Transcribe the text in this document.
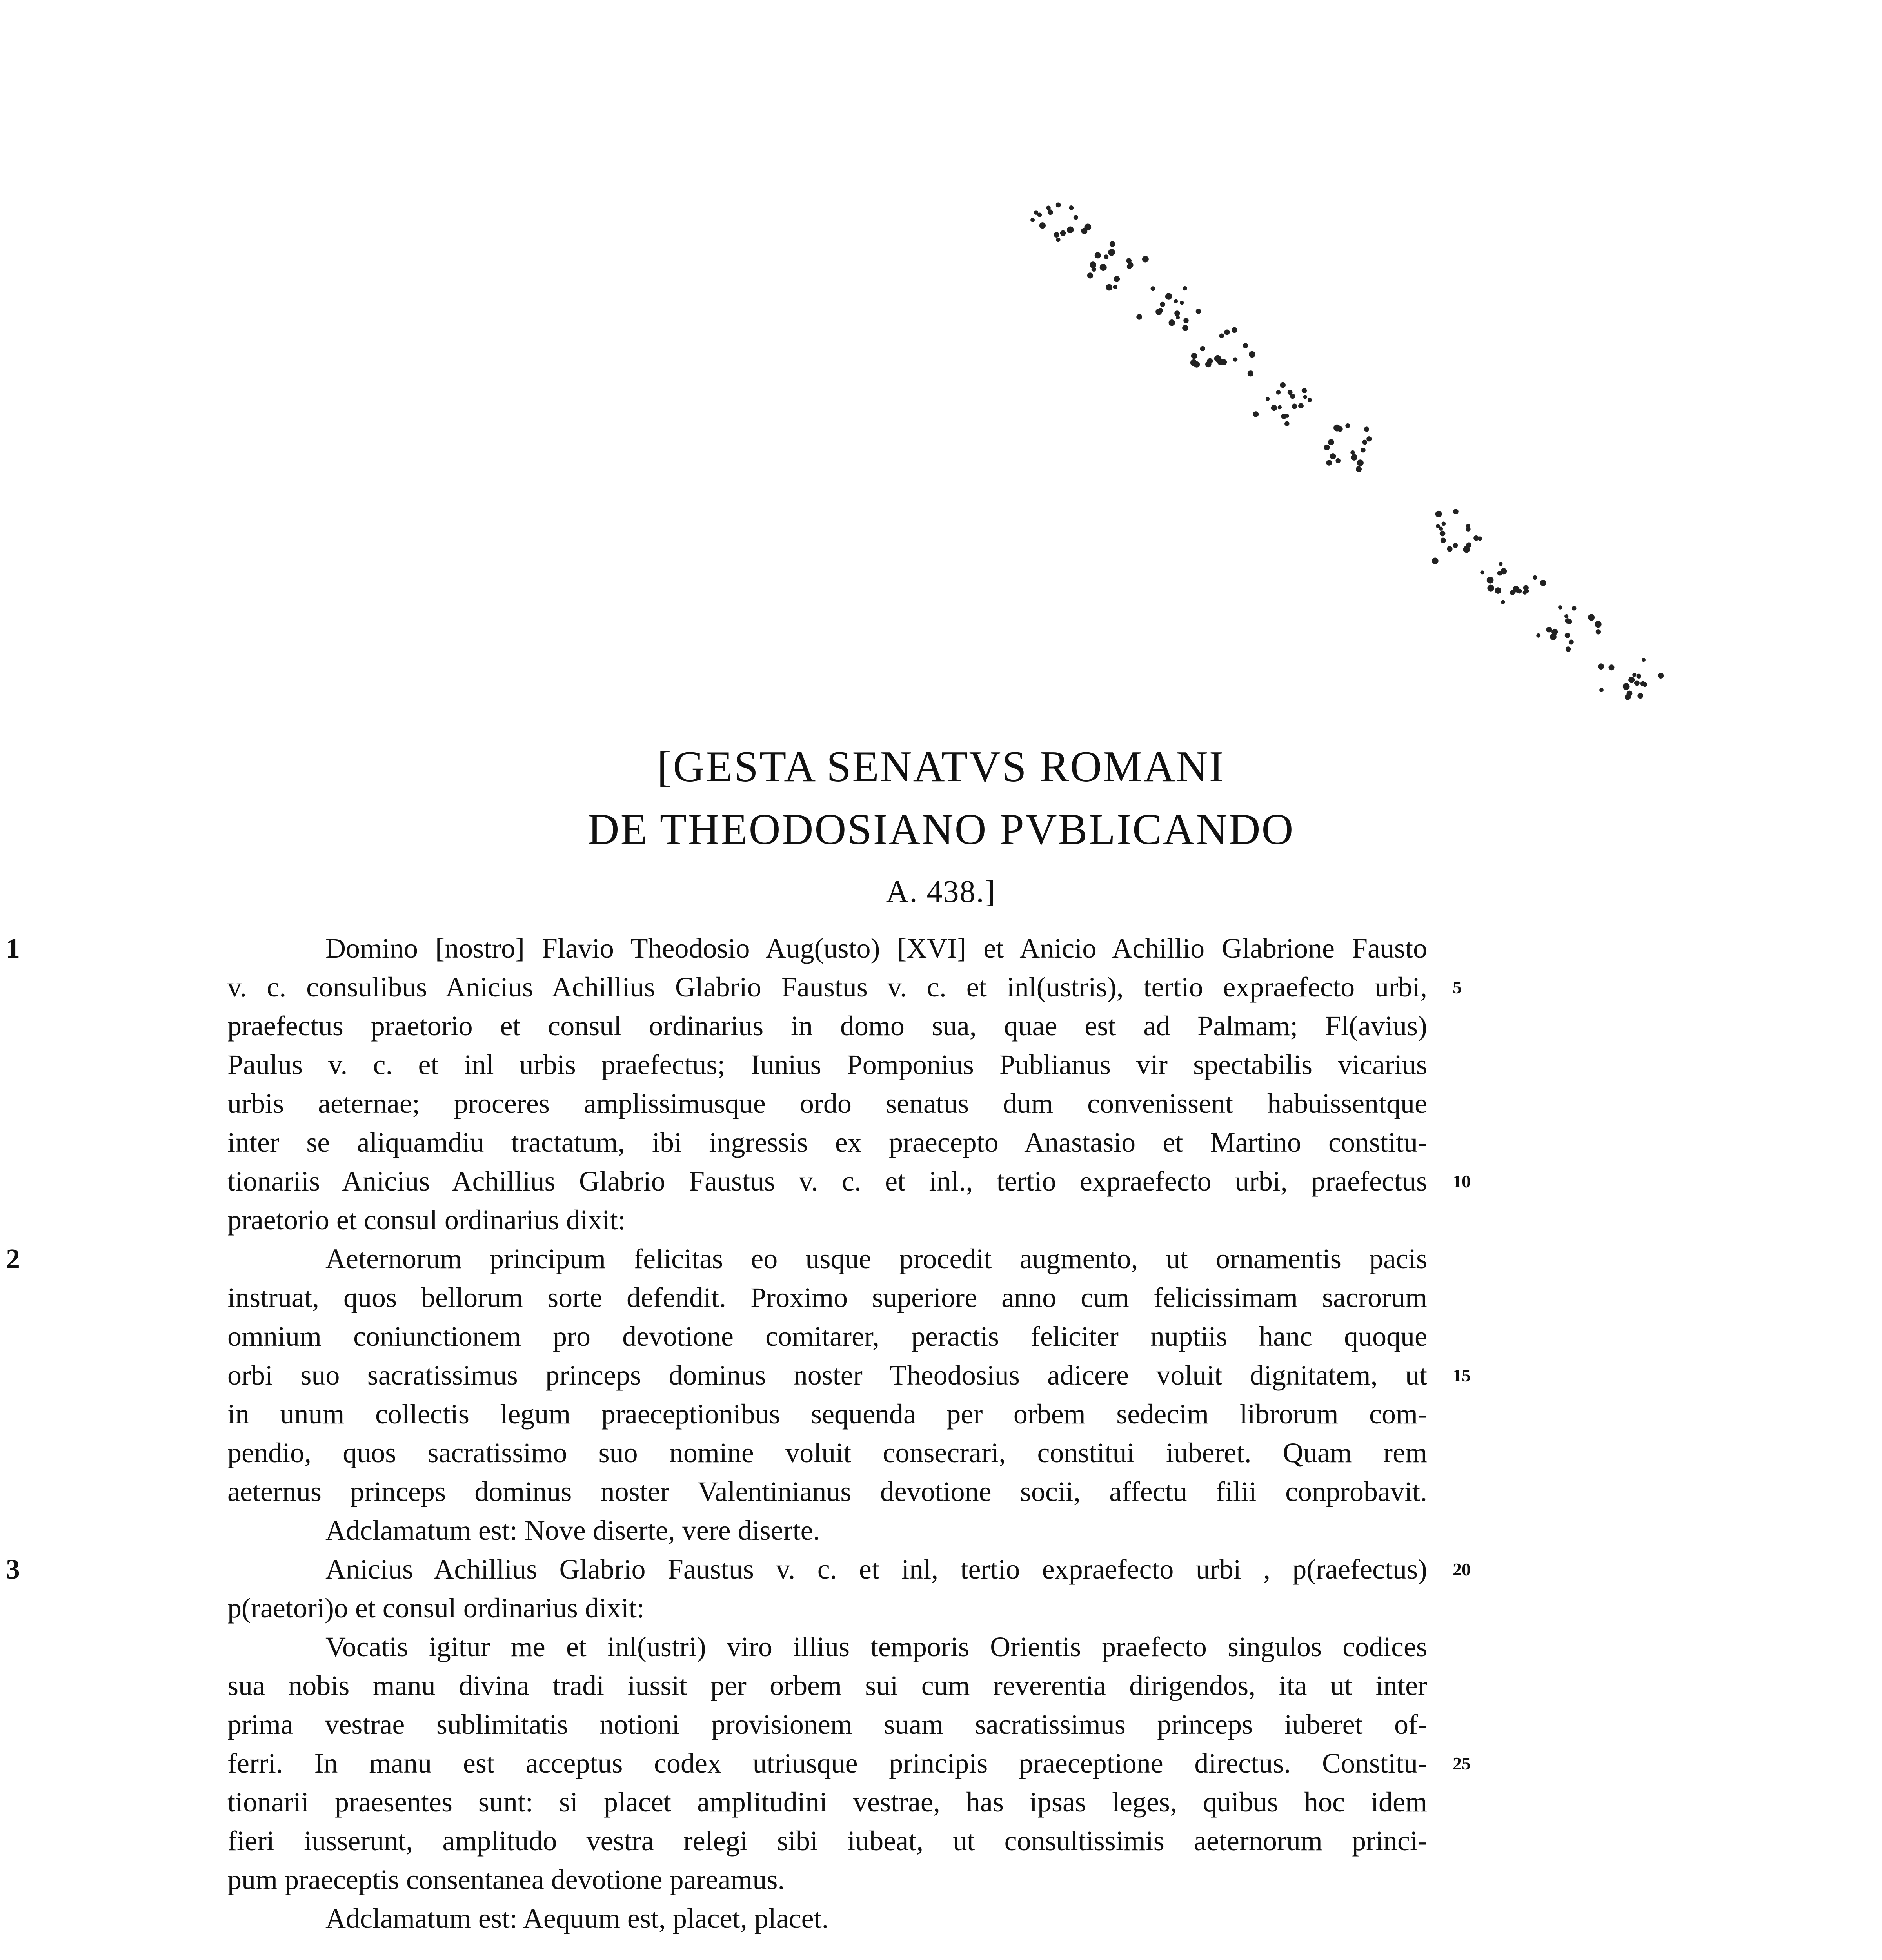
[GESTA SENATVS ROMANI
DE THEODOSIANO PVBLICANDO
A. 438.]
Domino [nostro] Flavio Theodosio Aug(usto) [XVI] et Anicio Achillio Glabrione Fausto
1
v. c. consulibus Anicius Achillius Glabrio Faustus v. c. et inl(ustris), tertio expraefecto urbi, 5
praefectus praetorio et consul ordinarius in domo sua, quae est ad Palmam; Fl(avius)
Paulus v. c. et inl urbis praefectus; Iunius Pomponius Publianus vir spectabilis vicarius
urbis aeternae; proceres amplissimusque ordo senatus dum convenissent habuissentque
inter se aliquamdiu tractatum, ibi ingressis ex praecepto Anastasio et Martino constitu-
tionariis Anicius Achillius Glabrio Faustus v. c. et inl., tertio expraefecto urbi, praefectus 10
praetorio et consul ordinarius dixit:
Aeternorum principum felicitas eo usque procedit augmento, ut ornamentis pacis
2
instruat, quos bellorum sorte defendit. Proximo superiore anno cum felicissimam sacrorum
omnium coniunctionem pro devotione comitarer, peractis feliciter nuptiis hanc quoque
orbi suo sacratissimus princeps dominus noster Theodosius adicere voluit dignitatem, ut 15
in unum collectis legum praeceptionibus sequenda per orbem sedecim librorum com-
pendio, quos sacratissimo suo nomine voluit consecrari, constitui iuberet. Quam rem
aeternus princeps dominus noster Valentinianus devotione socii, affectu filii conprobavit.
Adclamatum est: Nove diserte, vere diserte.
Anicius Achillius Glabrio Faustus v. c. et inl, tertio expraefecto urbi , p(raefectus)
3	20
p(raetori)o et consul ordinarius dixit:
Vocatis igitur me et inl(ustri) viro illius temporis Orientis praefecto singulos codices
sua nobis manu divina tradi iussit per orbem sui cum reverentia dirigendos, ita ut inter
prima vestrae sublimitatis notioni provisionem suam sacratissimus princeps iuberet of-
ferri. In manu est acceptus codex utriusque principis praeceptione directus. Constitu- 25
tionarii praesentes sunt: si placet amplitudini vestrae, has ipsas leges, quibus hoc idem
fieri iusserunt, amplitudo vestra relegi sibi iubeat, ut consultissimis aeternorum princi-
pum praeceptis consentanea devotione pareamus.
Adclamatum est: Aequum est, placet, placet.
